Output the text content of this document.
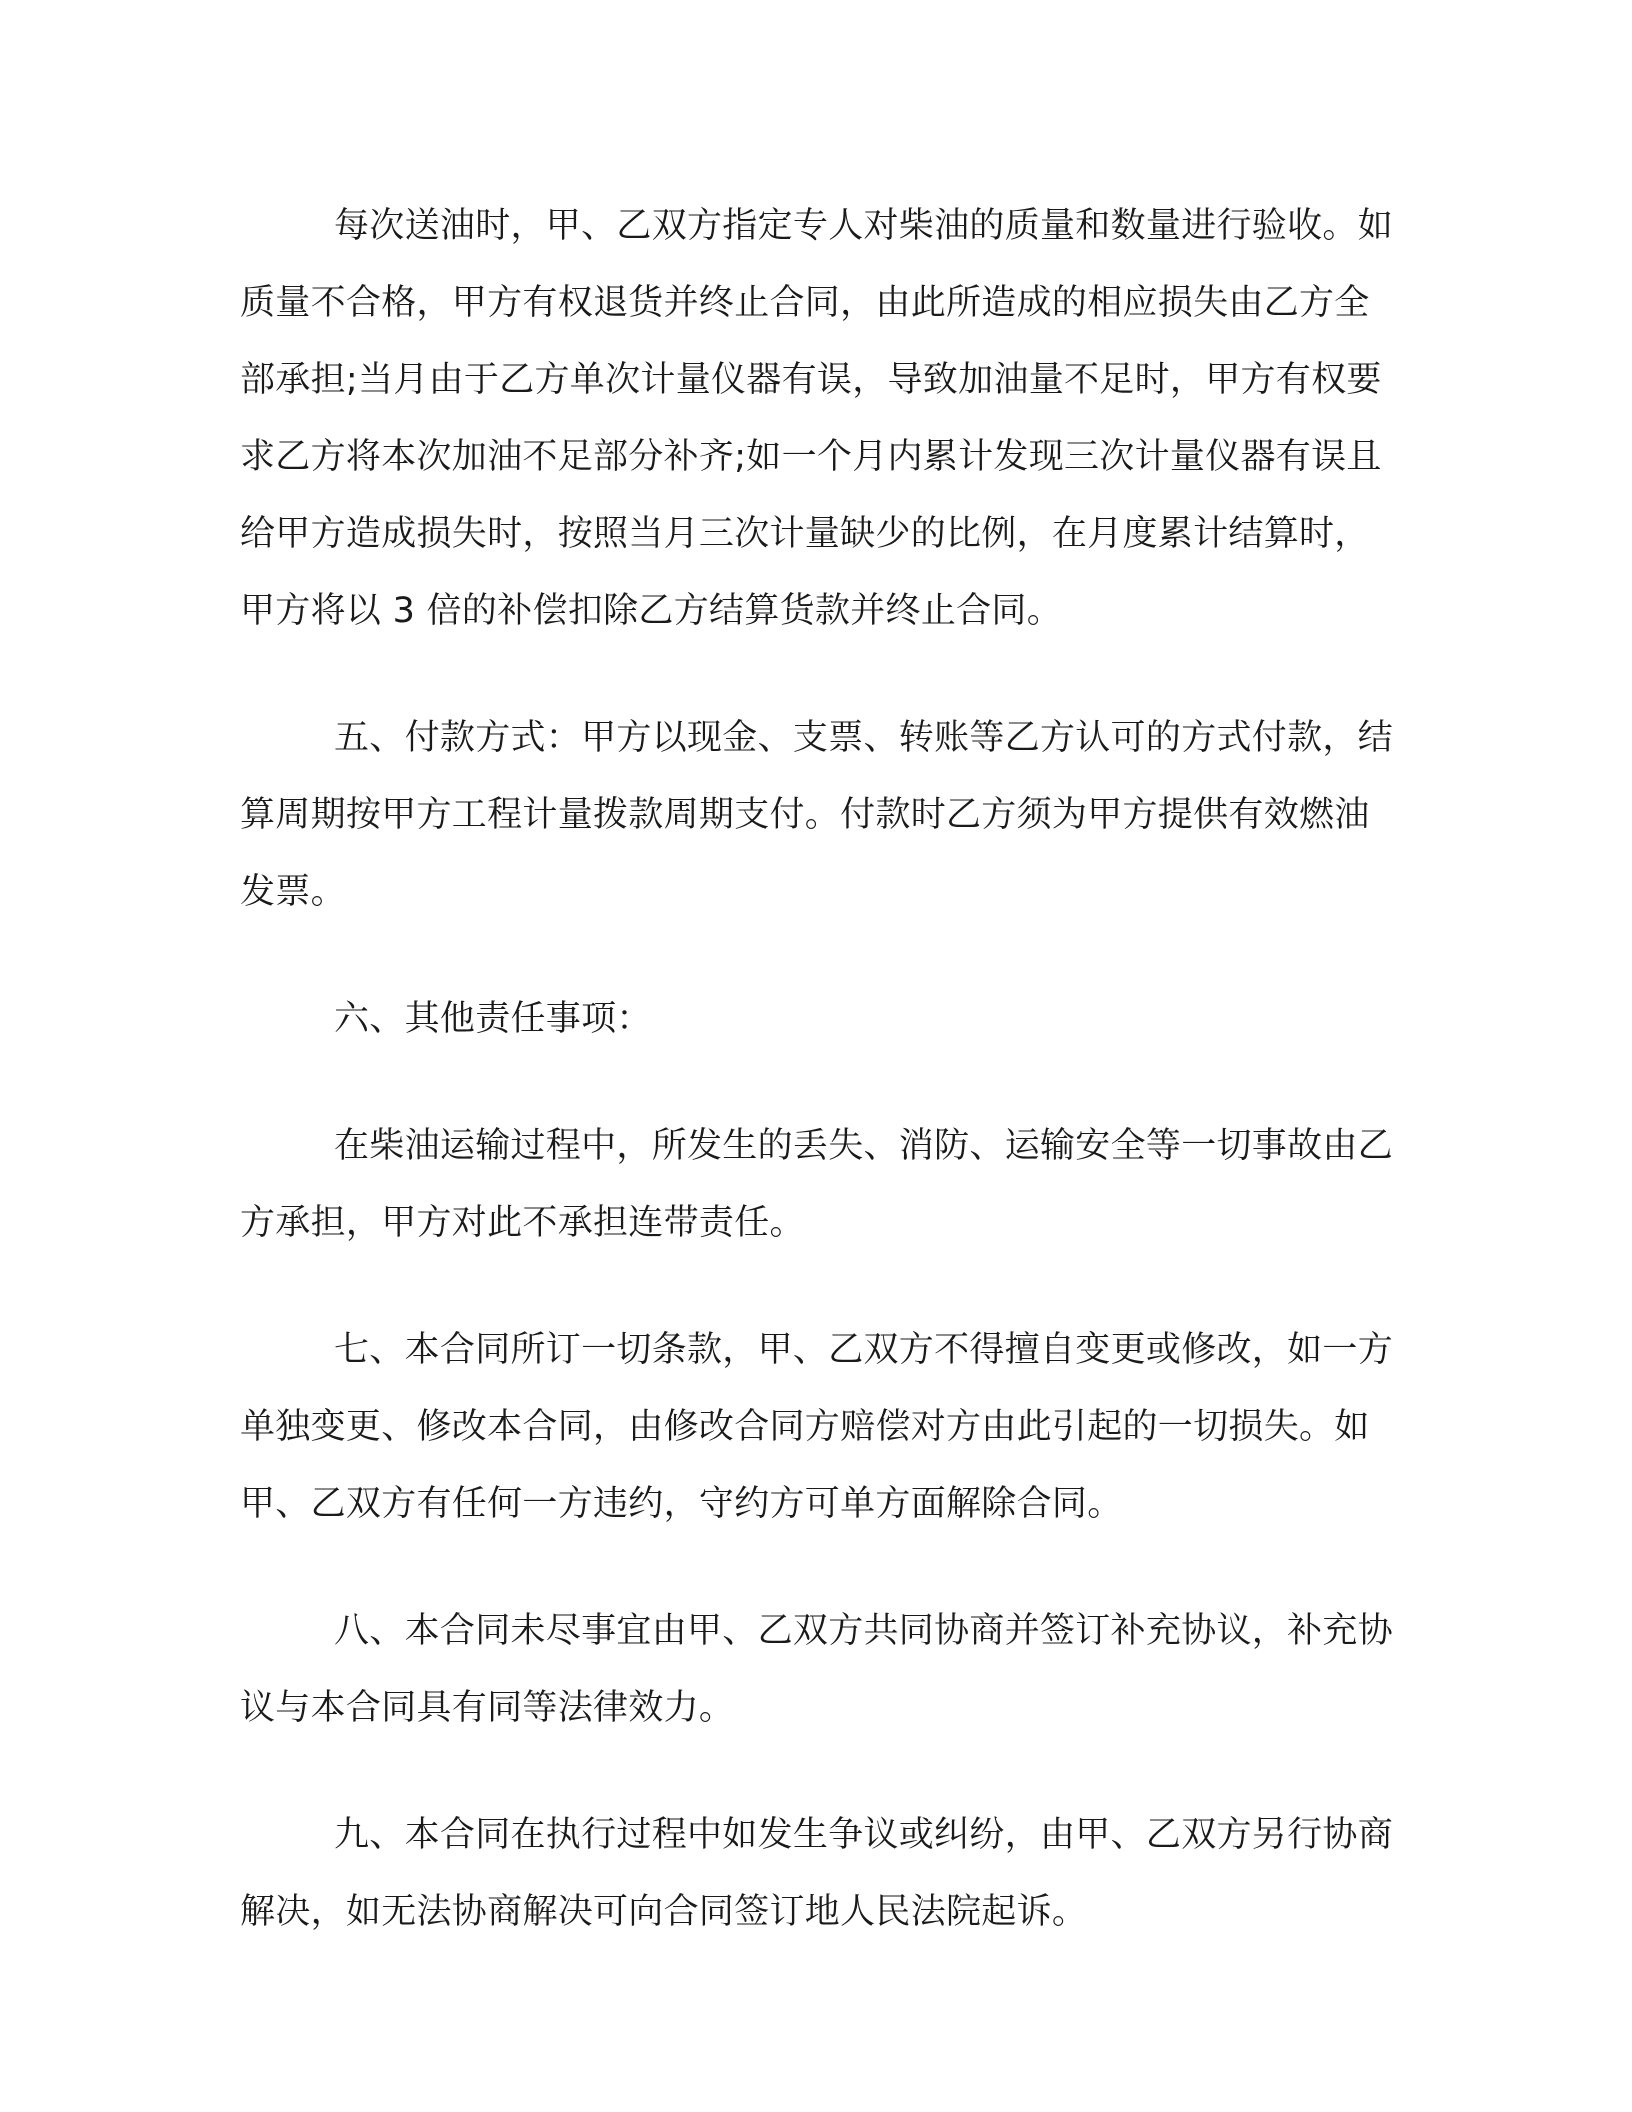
每次送油时，甲、乙双方指定专人对柴油的质量和数量进行验收。如质量不合格，甲方有权退货并终止合同，由此所造成的相应损失由乙方全部承担;当月由于乙方单次计量仪器有误，导致加油量不足时，甲方有权要求乙方将本次加油不足部分补齐;如一个月内累计发现三次计量仪器有误且给甲方造成损失时，按照当月三次计量缺少的比例，在月度累计结算时，甲方将以 3 倍的补偿扣除乙方结算货款并终止合同。

五、付款方式：甲方以现金、支票、转账等乙方认可的方式付款，结算周期按甲方工程计量拨款周期支付。付款时乙方须为甲方提供有效燃油发票。

六、其他责任事项：

在柴油运输过程中，所发生的丢失、消防、运输安全等一切事故由乙方承担，甲方对此不承担连带责任。

七、本合同所订一切条款，甲、乙双方不得擅自变更或修改，如一方单独变更、修改本合同，由修改合同方赔偿对方由此引起的一切损失。如甲、乙双方有任何一方违约，守约方可单方面解除合同。

八、本合同未尽事宜由甲、乙双方共同协商并签订补充协议，补充协议与本合同具有同等法律效力。

九、本合同在执行过程中如发生争议或纠纷，由甲、乙双方另行协商解决，如无法协商解决可向合同签订地人民法院起诉。
